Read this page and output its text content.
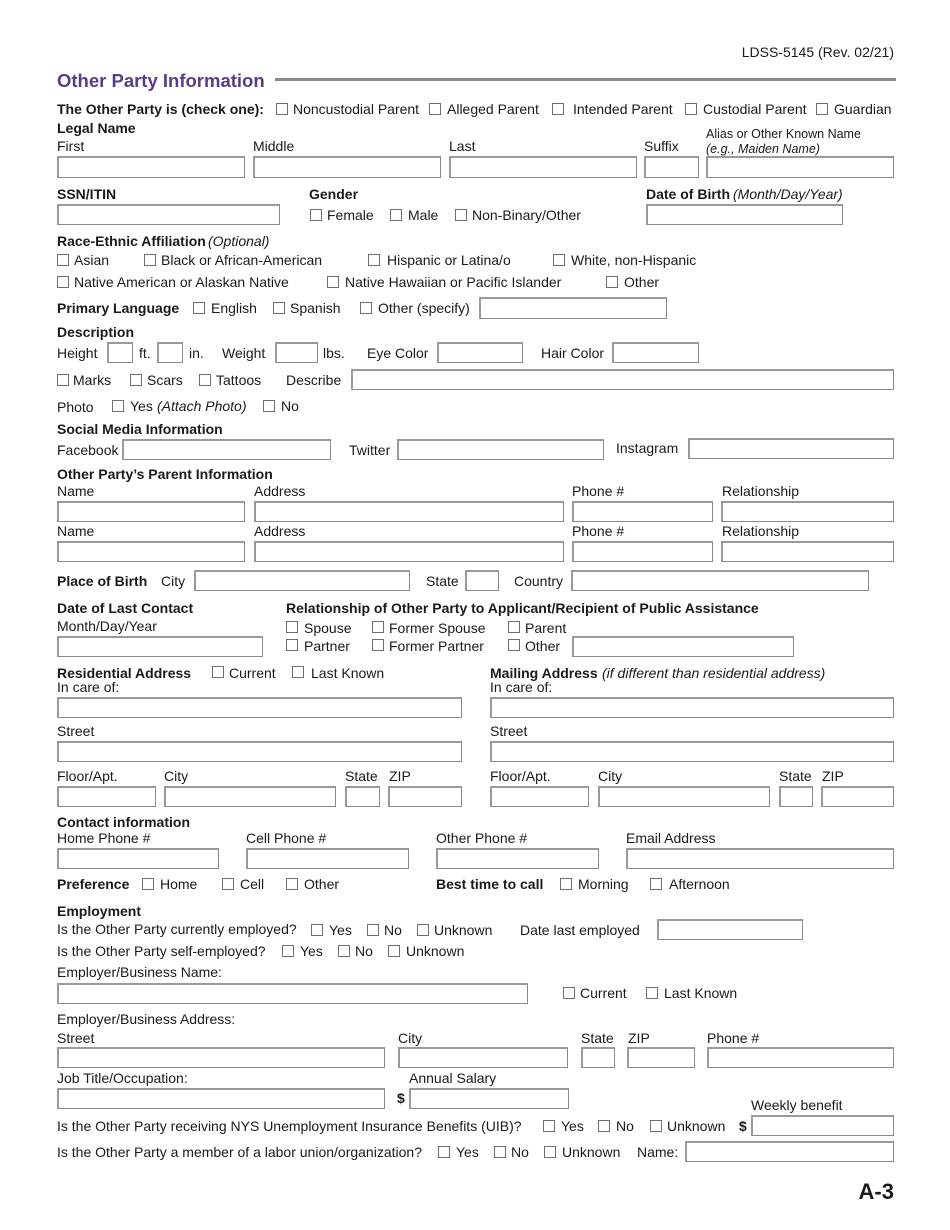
LDSS-5145 (Rev. 02/21)
Other Party Information
The Other Party is (check one): Noncustodial Parent Alleged Parent Intended Parent Custodial Parent Guardian
Legal Name
First	Middle	Last	Suffix
Alias or Other Known Name
(e.g., Maiden Name)
SSN/ITIN	Gender
Female Male Non-Binary/Other
Date of Birth (Month/Day/Year)
Race-Ethnic Affiliation (Optional)
Asian	Black or African-American	Hispanic or Latina/o	White, non-Hispanic
Native American or Alaskan Native	Native Hawaiian or Pacific Islander	Other
Primary Language English Spanish	Other (specify)
Description
Height	ft.	in. Weight	lbs. Eye Color	Hair Color
Marks	Scars Tattoos Describe
Photo	Yes (Attach Photo) No
Social Media Information
Facebook	Twitter	Instagram
Other Party’s Parent Information
Name	Address	Phone #	Relationship
Name	Address	Phone #	Relationship
Place of Birth City	State	Country
Date of Last Contact
Month/Day/Year
Relationship of Other Party to Applicant/Recipient of Public Assistance
Spouse	Former Spouse	Parent
Partner	Former Partner	Other
Residential Address	Current	Last Known
In care of:
Street
Floor/Apt.	City	State ZIP
Mailing Address (if different than residential address)
In care of:
Street
Floor/Apt.	City	State ZIP
Contact information
Home Phone #	Cell Phone #	Other Phone #	Email Address
Preference Home	Cell	Other	Best time to call Morning	Afternoon
Employment
Is the Other Party currently employed? Yes No Unknown Date last employed
Is the Other Party self-employed? Yes No Unknown
Employer/Business Name:
Current	Last Known
Employer/Business Address:
Street	City	State ZIP	Phone #
Job Title/Occupation:	Annual Salary
$	Weekly benefit
Is the Other Party receiving NYS Unemployment Insurance Benefits (UIB)?	Yes No Unknown $
Is the Other Party a member of a labor union/organization? Yes No Unknown Name:
A-3
